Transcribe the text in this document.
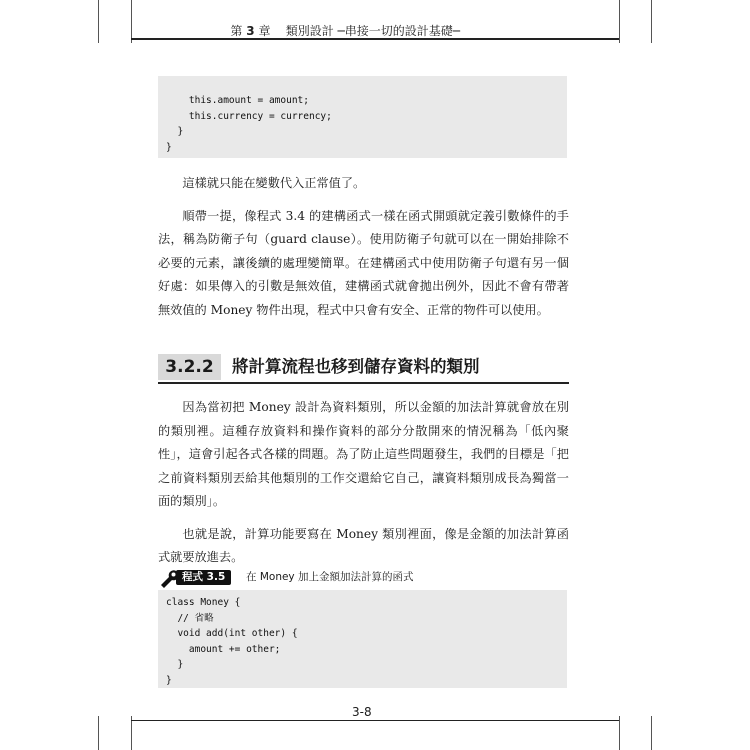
第 3 章 類別設計 ─串接一切的設計基礎─
this.amount = amount;
this.currency = currency;
}
}

這樣就只能在變數代入正常值了。

順帶一提，像程式 3.4 的建構函式一樣在函式開頭就定義引數條件的手法，稱為防衛子句（guard clause）。使用防衛子句就可以在一開始排除不必要的元素，讓後續的處理變簡單。在建構函式中使用防衛子句還有另一個好處：如果傳入的引數是無效值，建構函式就會拋出例外，因此不會有帶著無效值的 Money 物件出現，程式中只會有安全、正常的物件可以使用。

3.2.2	將計算流程也移到儲存資料的類別

因為當初把 Money 設計為資料類別，所以金額的加法計算就會放在別的類別裡。這種存放資料和操作資料的部分分散開來的情況稱為「低內聚性」，這會引起各式各樣的問題。為了防止這些問題發生，我們的目標是「把之前資料類別丟給其他類別的工作交還給它自己，讓資料類別成長為獨當一面的類別」。

也就是說，計算功能要寫在 Money 類別裡面，像是金額的加法計算函式就要放進去。

程式 3.5	在 Money 加上金額加法計算的函式
class Money {
// 省略
void add(int other) {
amount += other;
}
}
3-8
